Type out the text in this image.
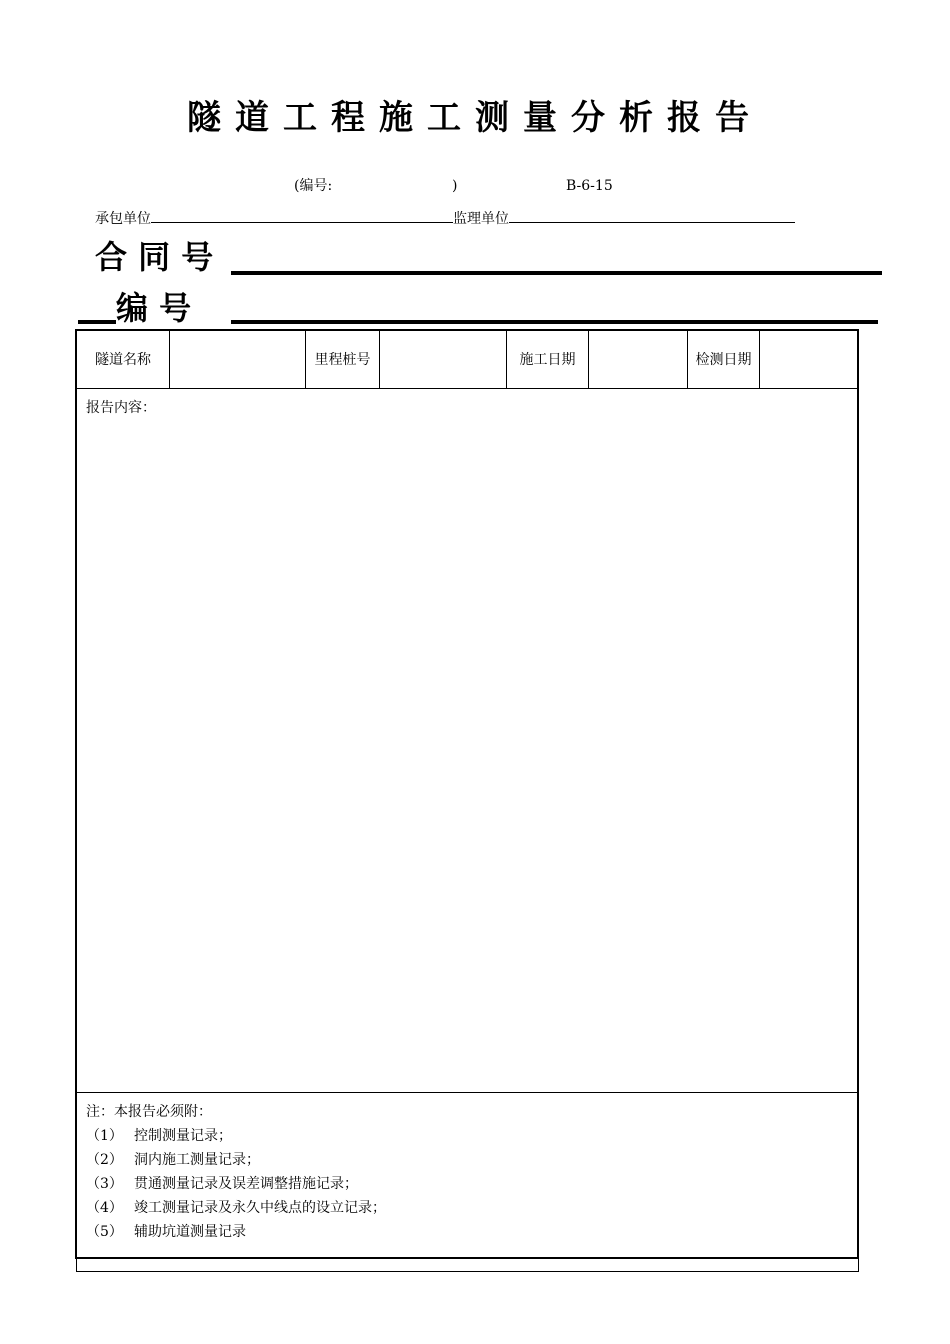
隧道工程施工测量分析报告
(编号:	)	B-6-15
承包单位	监理单位
合 同 号
编 号
隧道名称		里程桩号		施工日期		检测日期	
报告内容：

注：本报告必须附：
（1） 控制测量记录；
（2） 洞内施工测量记录；
（3） 贯通测量记录及误差调整措施记录；
（4） 竣工测量记录及永久中线点的设立记录；
（5） 辅助坑道测量记录
